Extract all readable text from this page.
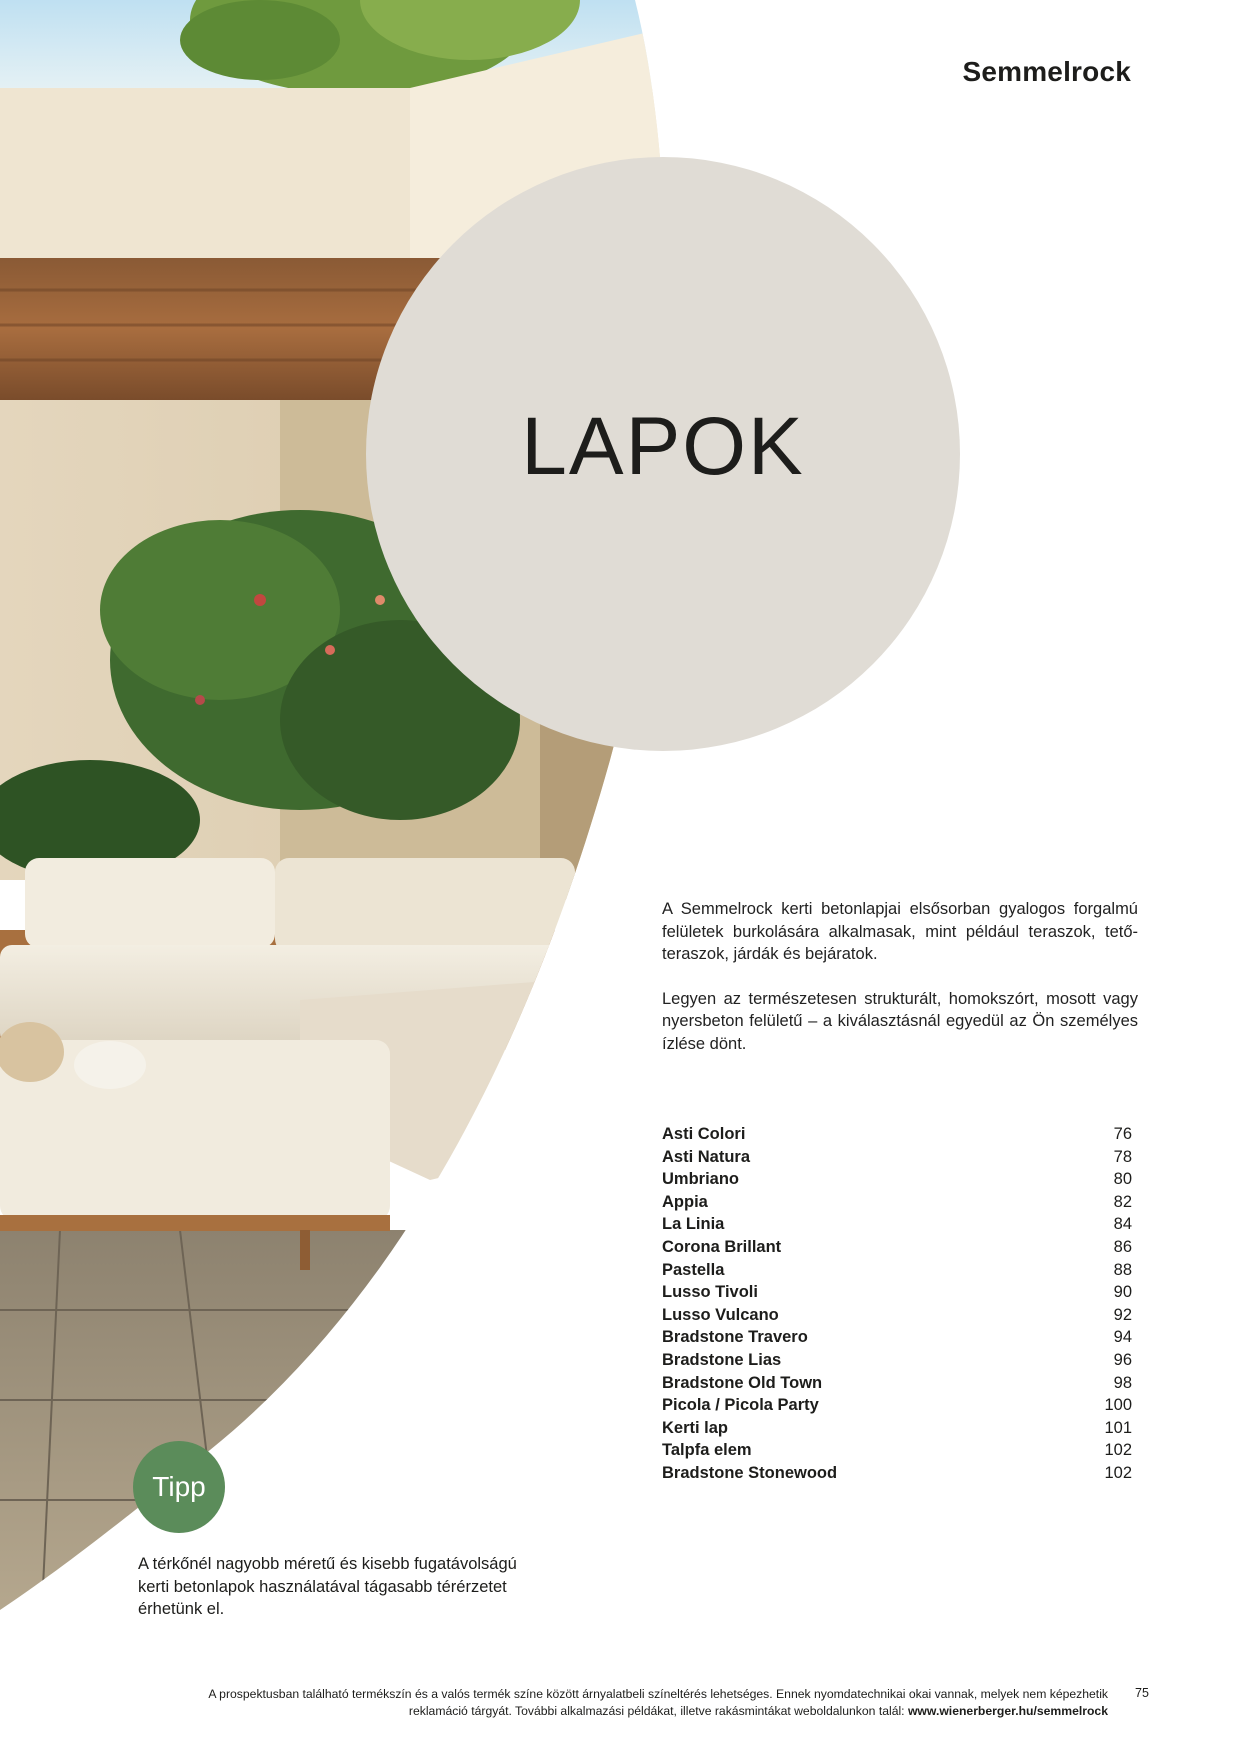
Semmelrock
LAPOK

A Semmelrock kerti betonlapjai elsősorban gyalogos forgalmú felületek burkolására alkalmasak, mint például teraszok, tető-teraszok, járdák és bejáratok.

Legyen az természetesen strukturált, homokszórt, mosott vagy nyersbeton felületű – a kiválasztásnál egyedül az Ön személyes ízlése dönt.

Asti Colori	76
Asti Natura	78
Umbriano	80
Appia	82
La Linia	84
Corona Brillant	86
Pastella	88
Lusso Tivoli	90
Lusso Vulcano	92
Bradstone Travero	94
Bradstone Lias	96
Bradstone Old Town	98
Picola / Picola Party	100
Kerti lap	101
Talpfa elem	102
Bradstone Stonewood	102
Tipp
A térkőnél nagyobb méretű és kisebb fugatávolságú kerti betonlapok használatával tágasabb térérzetet érhetünk el.
A prospektusban található termékszín és a valós termék színe között árnyalatbeli színeltérés lehetséges. Ennek nyomdatechnikai okai vannak, melyek nem képezhetik reklamáció tárgyát. További alkalmazási példákat, illetve rakásmintákat weboldalunkon talál: www.wienerberger.hu/semmelrock
75
